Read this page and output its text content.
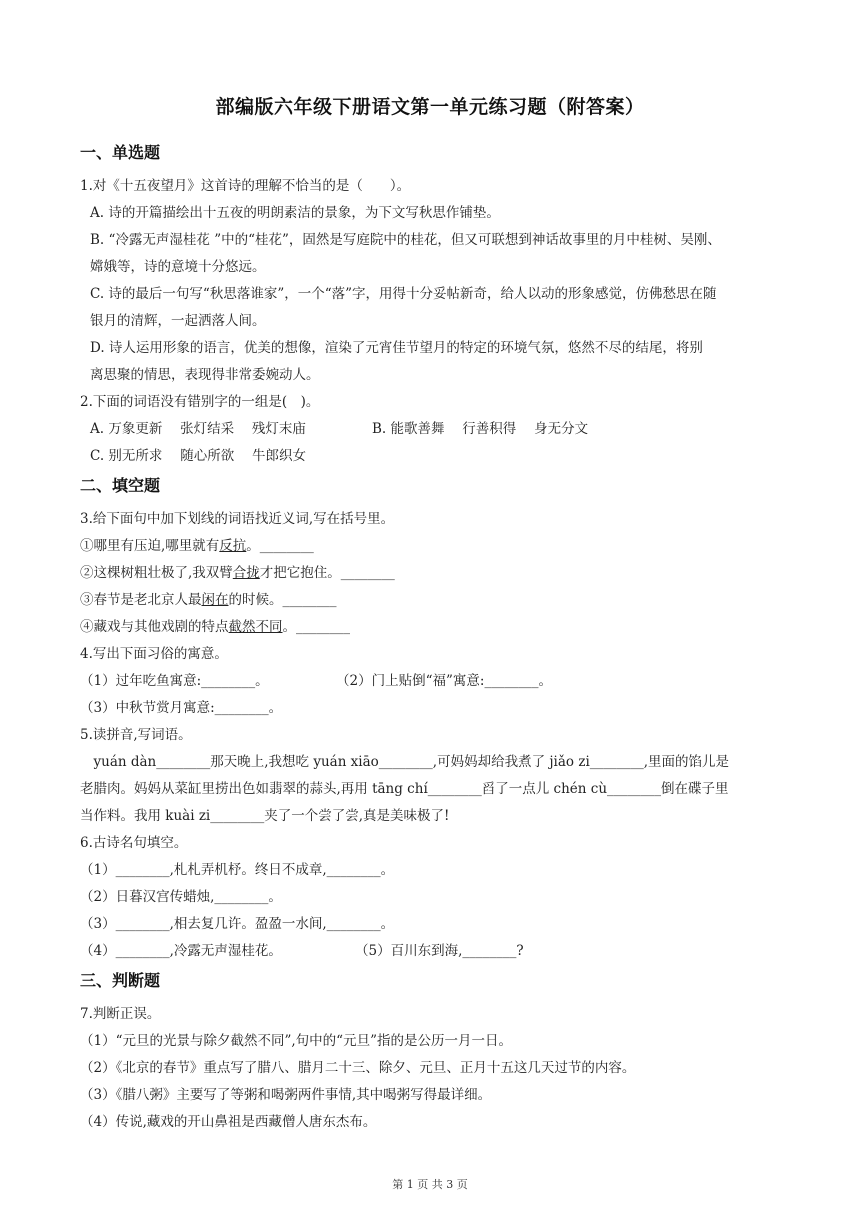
部编版六年级下册语文第一单元练习题（附答案）
一、单选题
1.对《十五夜望月》这首诗的理解不恰当的是（　　）。
A. 诗的开篇描绘出十五夜的明朗素洁的景象，为下文写秋思作铺垫。
B. “冷露无声湿桂花 ”中的“桂花”，固然是写庭院中的桂花，但又可联想到神话故事里的月中桂树、吴刚、
嫦娥等，诗的意境十分悠远。
C. 诗的最后一句写“秋思落谁家”，一个“落”字，用得十分妥帖新奇，给人以动的形象感觉，仿佛愁思在随
银月的清辉，一起洒落人间。
D. 诗人运用形象的语言，优美的想像，渲染了元宵佳节望月的特定的环境气氛，悠然不尽的结尾，将别
离思聚的情思，表现得非常委婉动人。
2.下面的词语没有错别字的一组是(　)。
A. 万象更新　 张灯结采　 残灯末庙	B. 能歌善舞　 行善积得　 身无分文
C. 别无所求　 随心所欲　 牛郎织女
二、填空题
3.给下面句中加下划线的词语找近义词,写在括号里。
①哪里有压迫,哪里就有反抗。________
②这棵树粗壮极了,我双臂合拢才把它抱住。________
③春节是老北京人最闲在的时候。________
④藏戏与其他戏剧的特点截然不同。________
4.写出下面习俗的寓意。
（1）过年吃鱼寓意:________。	（2）门上贴倒“福”寓意:________。
（3）中秋节赏月寓意:________。
5.读拼音,写词语。
　yuán dàn________那天晚上,我想吃 yuán xiāo________,可妈妈却给我煮了 jiǎo zi________,里面的馅儿是
老腊肉。妈妈从菜缸里捞出色如翡翠的蒜头,再用 tāng chí________舀了一点儿 chén cù________倒在碟子里
当作料。我用 kuài zi________夹了一个尝了尝,真是美味极了!
6.古诗名句填空。
（1）________,札札弄机杼。终日不成章,________。
（2）日暮汉宫传蜡烛,________。
（3）________,相去复几许。盈盈一水间,________。
（4）________,冷露无声湿桂花。	（5）百川东到海,________?
三、判断题
7.判断正误。
（1）“元旦的光景与除夕截然不同”,句中的“元旦”指的是公历一月一日。
（2）《北京的春节》重点写了腊八、腊月二十三、除夕、元旦、正月十五这几天过节的内容。
（3）《腊八粥》主要写了等粥和喝粥两件事情,其中喝粥写得最详细。
（4）传说,藏戏的开山鼻祖是西藏僧人唐东杰布。
第 1 页 共 3 页
